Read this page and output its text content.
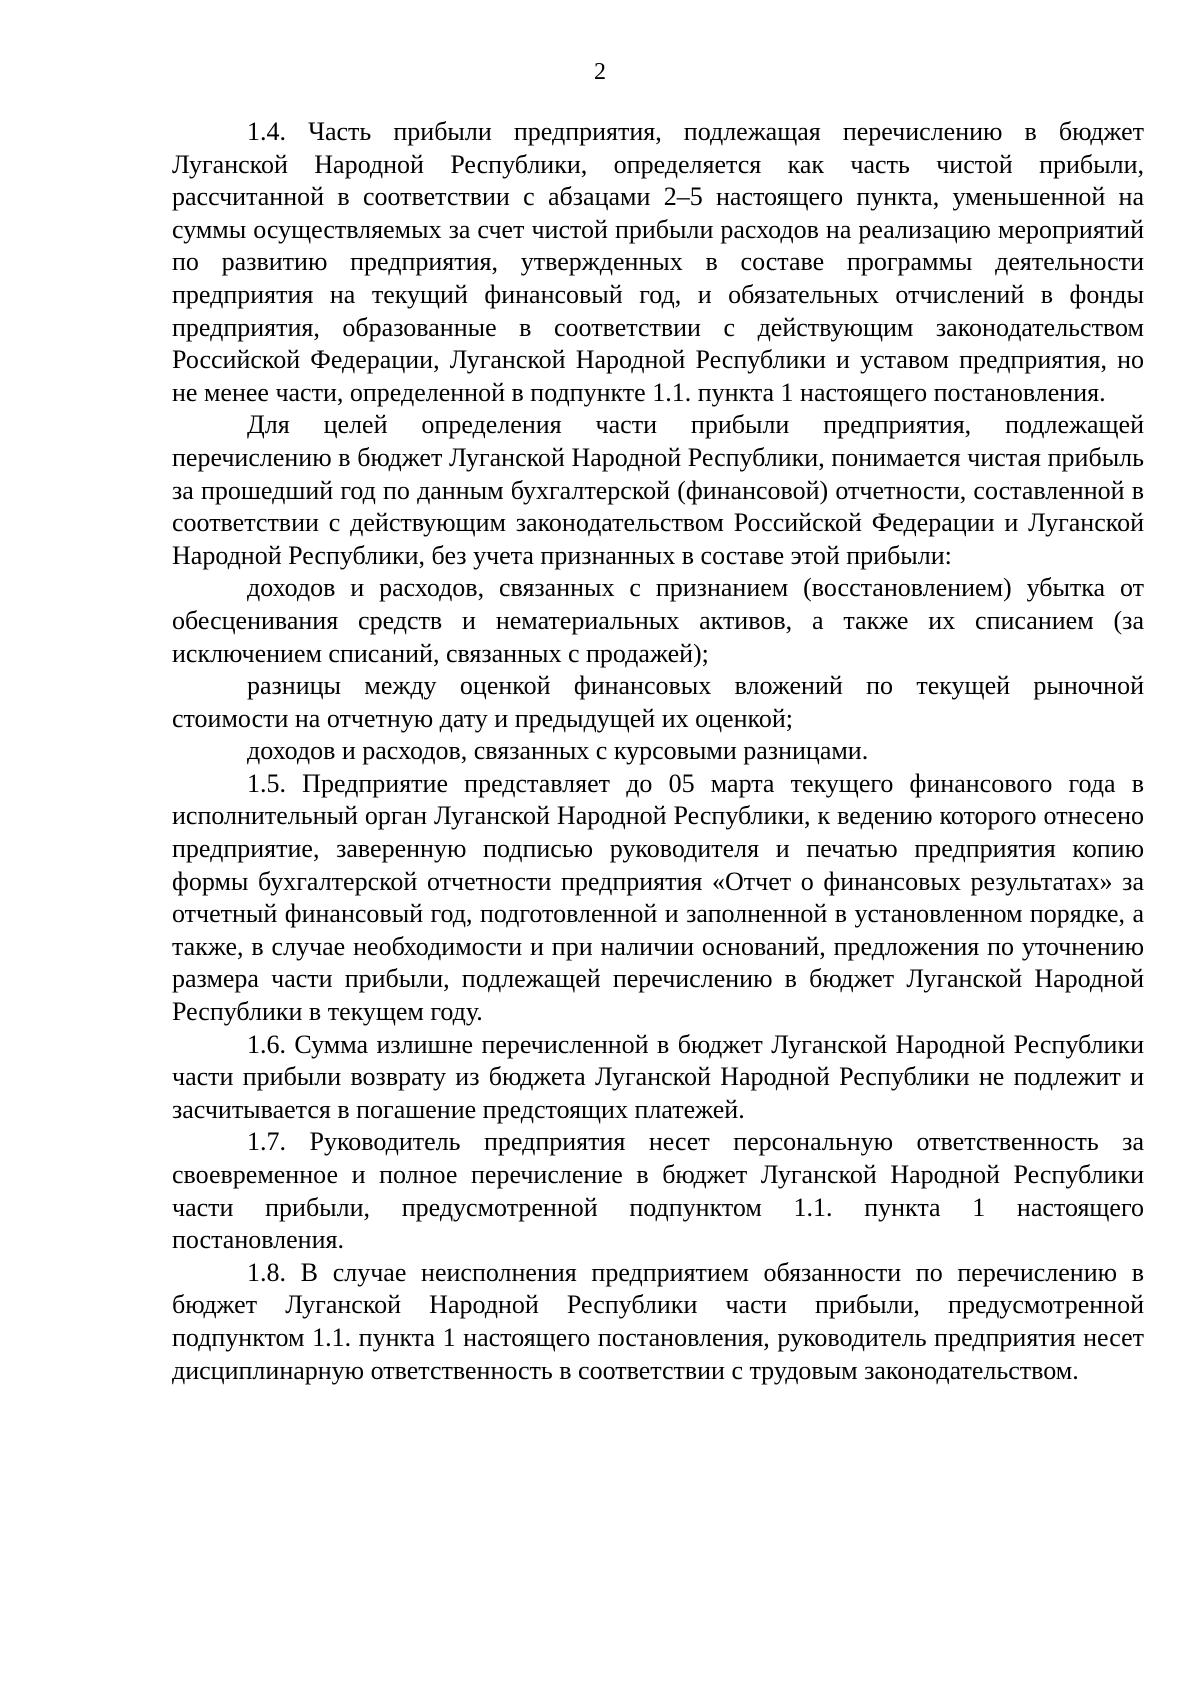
2

1.4. Часть прибыли предприятия, подлежащая перечислению в бюджет Луганской Народной Республики, определяется как часть чистой прибыли, рассчитанной в соответствии с абзацами 2–5 настоящего пункта, уменьшенной на суммы осуществляемых за счет чистой прибыли расходов на реализацию мероприятий по развитию предприятия, утвержденных в составе программы деятельности предприятия на текущий финансовый год, и обязательных отчислений в фонды предприятия, образованные в соответствии с действующим законодательством Российской Федерации, Луганской Народной Республики и уставом предприятия, но не менее части, определенной в подпункте 1.1. пункта 1 настоящего постановления.

Для целей определения части прибыли предприятия, подлежащей перечислению в бюджет Луганской Народной Республики, понимается чистая прибыль за прошедший год по данным бухгалтерской (финансовой) отчетности, составленной в соответствии с действующим законодательством Российской Федерации и Луганской Народной Республики, без учета признанных в составе этой прибыли:

доходов и расходов, связанных с признанием (восстановлением) убытка от обесценивания средств и нематериальных активов, а также их списанием (за исключением списаний, связанных с продажей);

разницы между оценкой финансовых вложений по текущей рыночной стоимости на отчетную дату и предыдущей их оценкой;

доходов и расходов, связанных с курсовыми разницами.

1.5. Предприятие представляет до 05 марта текущего финансового года в исполнительный орган Луганской Народной Республики, к ведению которого отнесено предприятие, заверенную подписью руководителя и печатью предприятия копию формы бухгалтерской отчетности предприятия «Отчет о финансовых результатах» за отчетный финансовый год, подготовленной и заполненной в установленном порядке, а также, в случае необходимости и при наличии оснований, предложения по уточнению размера части прибыли, подлежащей перечислению в бюджет Луганской Народной Республики в текущем году.

1.6. Сумма излишне перечисленной в бюджет Луганской Народной Республики части прибыли возврату из бюджета Луганской Народной Республики не подлежит и засчитывается в погашение предстоящих платежей.

1.7. Руководитель предприятия несет персональную ответственность за своевременное и полное перечисление в бюджет Луганской Народной Республики части прибыли, предусмотренной подпунктом 1.1. пункта 1 настоящего постановления.

1.8. В случае неисполнения предприятием обязанности по перечислению в бюджет Луганской Народной Республики части прибыли, предусмотренной подпунктом 1.1. пункта 1 настоящего постановления, руководитель предприятия несет дисциплинарную ответственность в соответствии с трудовым законодательством.
